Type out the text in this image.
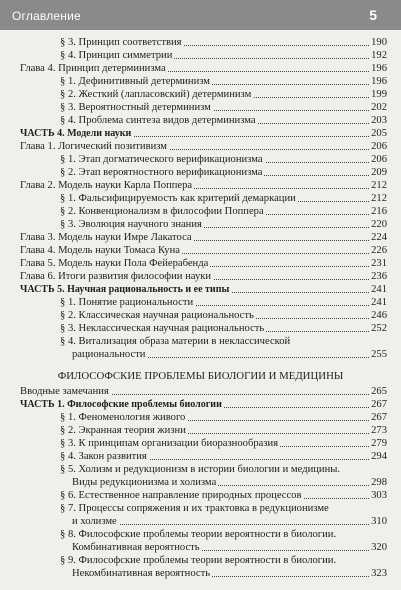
Оглавление	5
§ 3. Принцип соответствия	190
§ 4. Принцип симметрии	192
Глава 4. Принцип детерминизма	196
§ 1. Дефинитивный детерминизм	196
§ 2. Жесткий (лапласовский) детерминизм	199
§ 3. Вероятностный детерминизм	202
§ 4. Проблема синтеза видов детерминизма	203
ЧАСТЬ 4. Модели науки	205
Глава 1. Логический позитивизм	206
§ 1. Этап догматического верификационизма	206
§ 2. Этап вероятностного верификационизма	209
Глава 2. Модель науки Карла Поппера	212
§ 1. Фальсифицируемость как критерий демаркации	212
§ 2. Конвенционализм в философии Поппера	216
§ 3. Эволюция научного знания	220
Глава 3. Модель науки Имре Лакатоса	224
Глава 4. Модель науки Томаса Куна	226
Глава 5. Модель науки Пола Фейерабенда	231
Глава 6. Итоги развития философии науки	236
ЧАСТЬ 5. Научная рациональность и ее типы	241
§ 1. Понятие рациональности	241
§ 2. Классическая научная рациональность	246
§ 3. Неклассическая научная рациональность	252
§ 4. Витализация образа материи в неклассической
рациональности	255
ФИЛОСОФСКИЕ ПРОБЛЕМЫ БИОЛОГИИ И МЕДИЦИНЫ
Вводные замечания	265
ЧАСТЬ 1. Философские проблемы биологии	267
§ 1. Феноменология живого	267
§ 2. Экранная теория жизни	273
§ 3. К принципам организации биоразнообразия	279
§ 4. Закон развития	294
§ 5. Холизм и редукционизм в истории биологии и медицины.
Виды редукционизма и холизма	298
§ 6. Естественное направление природных процессов	303
§ 7. Процессы сопряжения и их трактовка в редукционизме
и холизме	310
§ 8. Философские проблемы теории вероятности в биологии.
Комбинативная вероятность	320
§ 9. Философские проблемы теории вероятности в биологии.
Некомбинативная вероятность	323
